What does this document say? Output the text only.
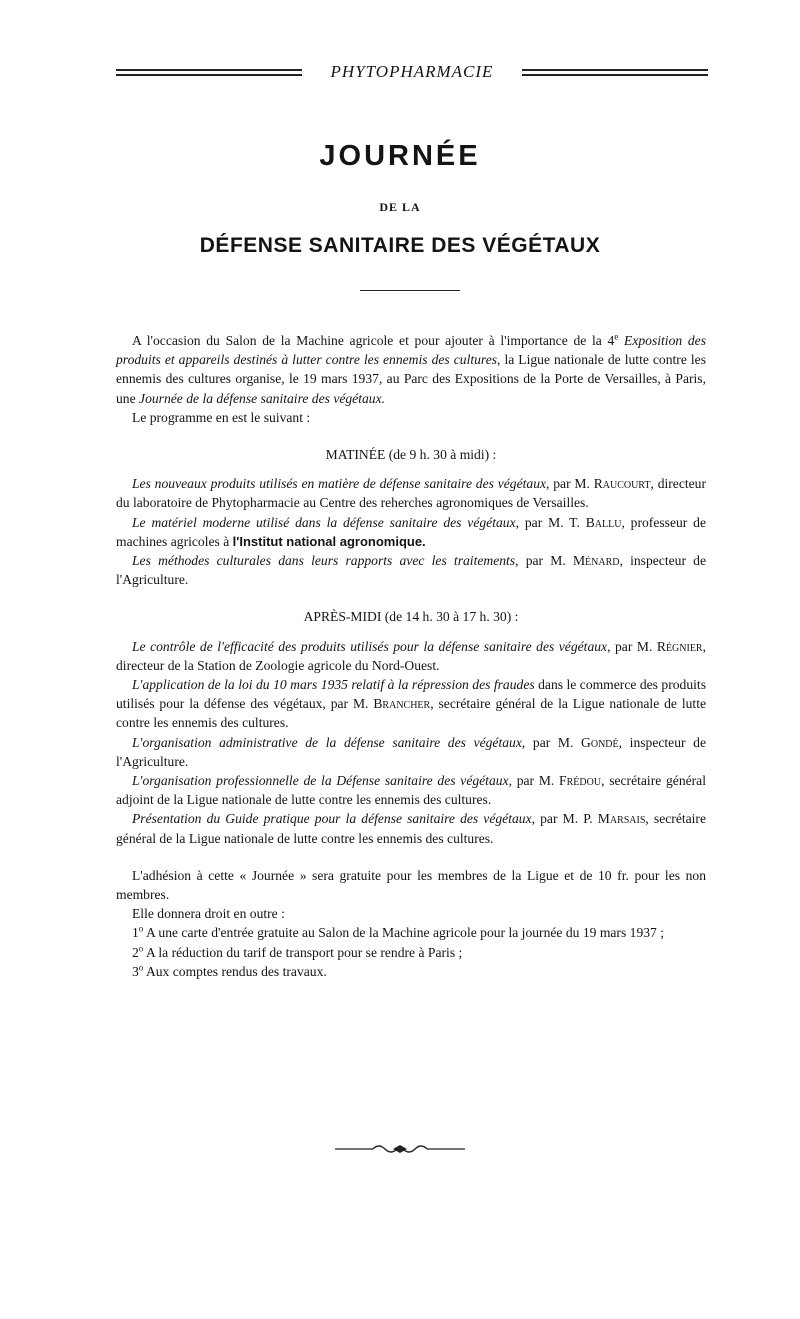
PHYTOPHARMACIE
JOURNÉE
DE LA
DÉFENSE SANITAIRE DES VÉGÉTAUX

A l'occasion du Salon de la Machine agricole et pour ajouter à l'importance de la 4e Exposition des produits et appareils destinés à lutter contre les ennemis des cultures, la Ligue nationale de lutte contre les ennemis des cultures organise, le 19 mars 1937, au Parc des Expositions de la Porte de Versailles, à Paris, une Journée de la défense sanitaire des végétaux.

Le programme en est le suivant :

MATINÉE (de 9 h. 30 à midi) :

Les nouveaux produits utilisés en matière de défense sanitaire des végétaux, par M. Raucourt, directeur du laboratoire de Phytopharmacie au Centre des reherches agronomiques de Versailles.

Le matériel moderne utilisé dans la défense sanitaire des végétaux, par M. T. Ballu, professeur de machines agricoles à l'Institut national agronomique.

Les méthodes culturales dans leurs rapports avec les traitements, par M. Ménard, inspecteur de l'Agriculture.

APRÈS-MIDI (de 14 h. 30 à 17 h. 30) :

Le contrôle de l'efficacité des produits utilisés pour la défense sanitaire des végétaux, par M. Régnier, directeur de la Station de Zoologie agricole du Nord-Ouest.

L'application de la loi du 10 mars 1935 relatif à la répression des fraudes dans le commerce des produits utilisés pour la défense des végétaux, par M. Brancher, secrétaire général de la Ligue nationale de lutte contre les ennemis des cultures.

L'organisation administrative de la défense sanitaire des végétaux, par M. Gondé, inspecteur de l'Agriculture.

L'organisation professionnelle de la Défense sanitaire des végétaux, par M. Frédou, secrétaire général adjoint de la Ligue nationale de lutte contre les ennemis des cultures.

Présentation du Guide pratique pour la défense sanitaire des végétaux, par M. P. Marsais, secrétaire général de la Ligue nationale de lutte contre les ennemis des cultures.

L'adhésion à cette « Journée » sera gratuite pour les membres de la Ligue et de 10 fr. pour les non membres.

Elle donnera droit en outre :

1$^o$ A une carte d'entrée gratuite au Salon de la Machine agricole pour la journée du 19 mars 1937 ;

2$^o$ A la réduction du tarif de transport pour se rendre à Paris ;

3$^o$ Aux comptes rendus des travaux.
